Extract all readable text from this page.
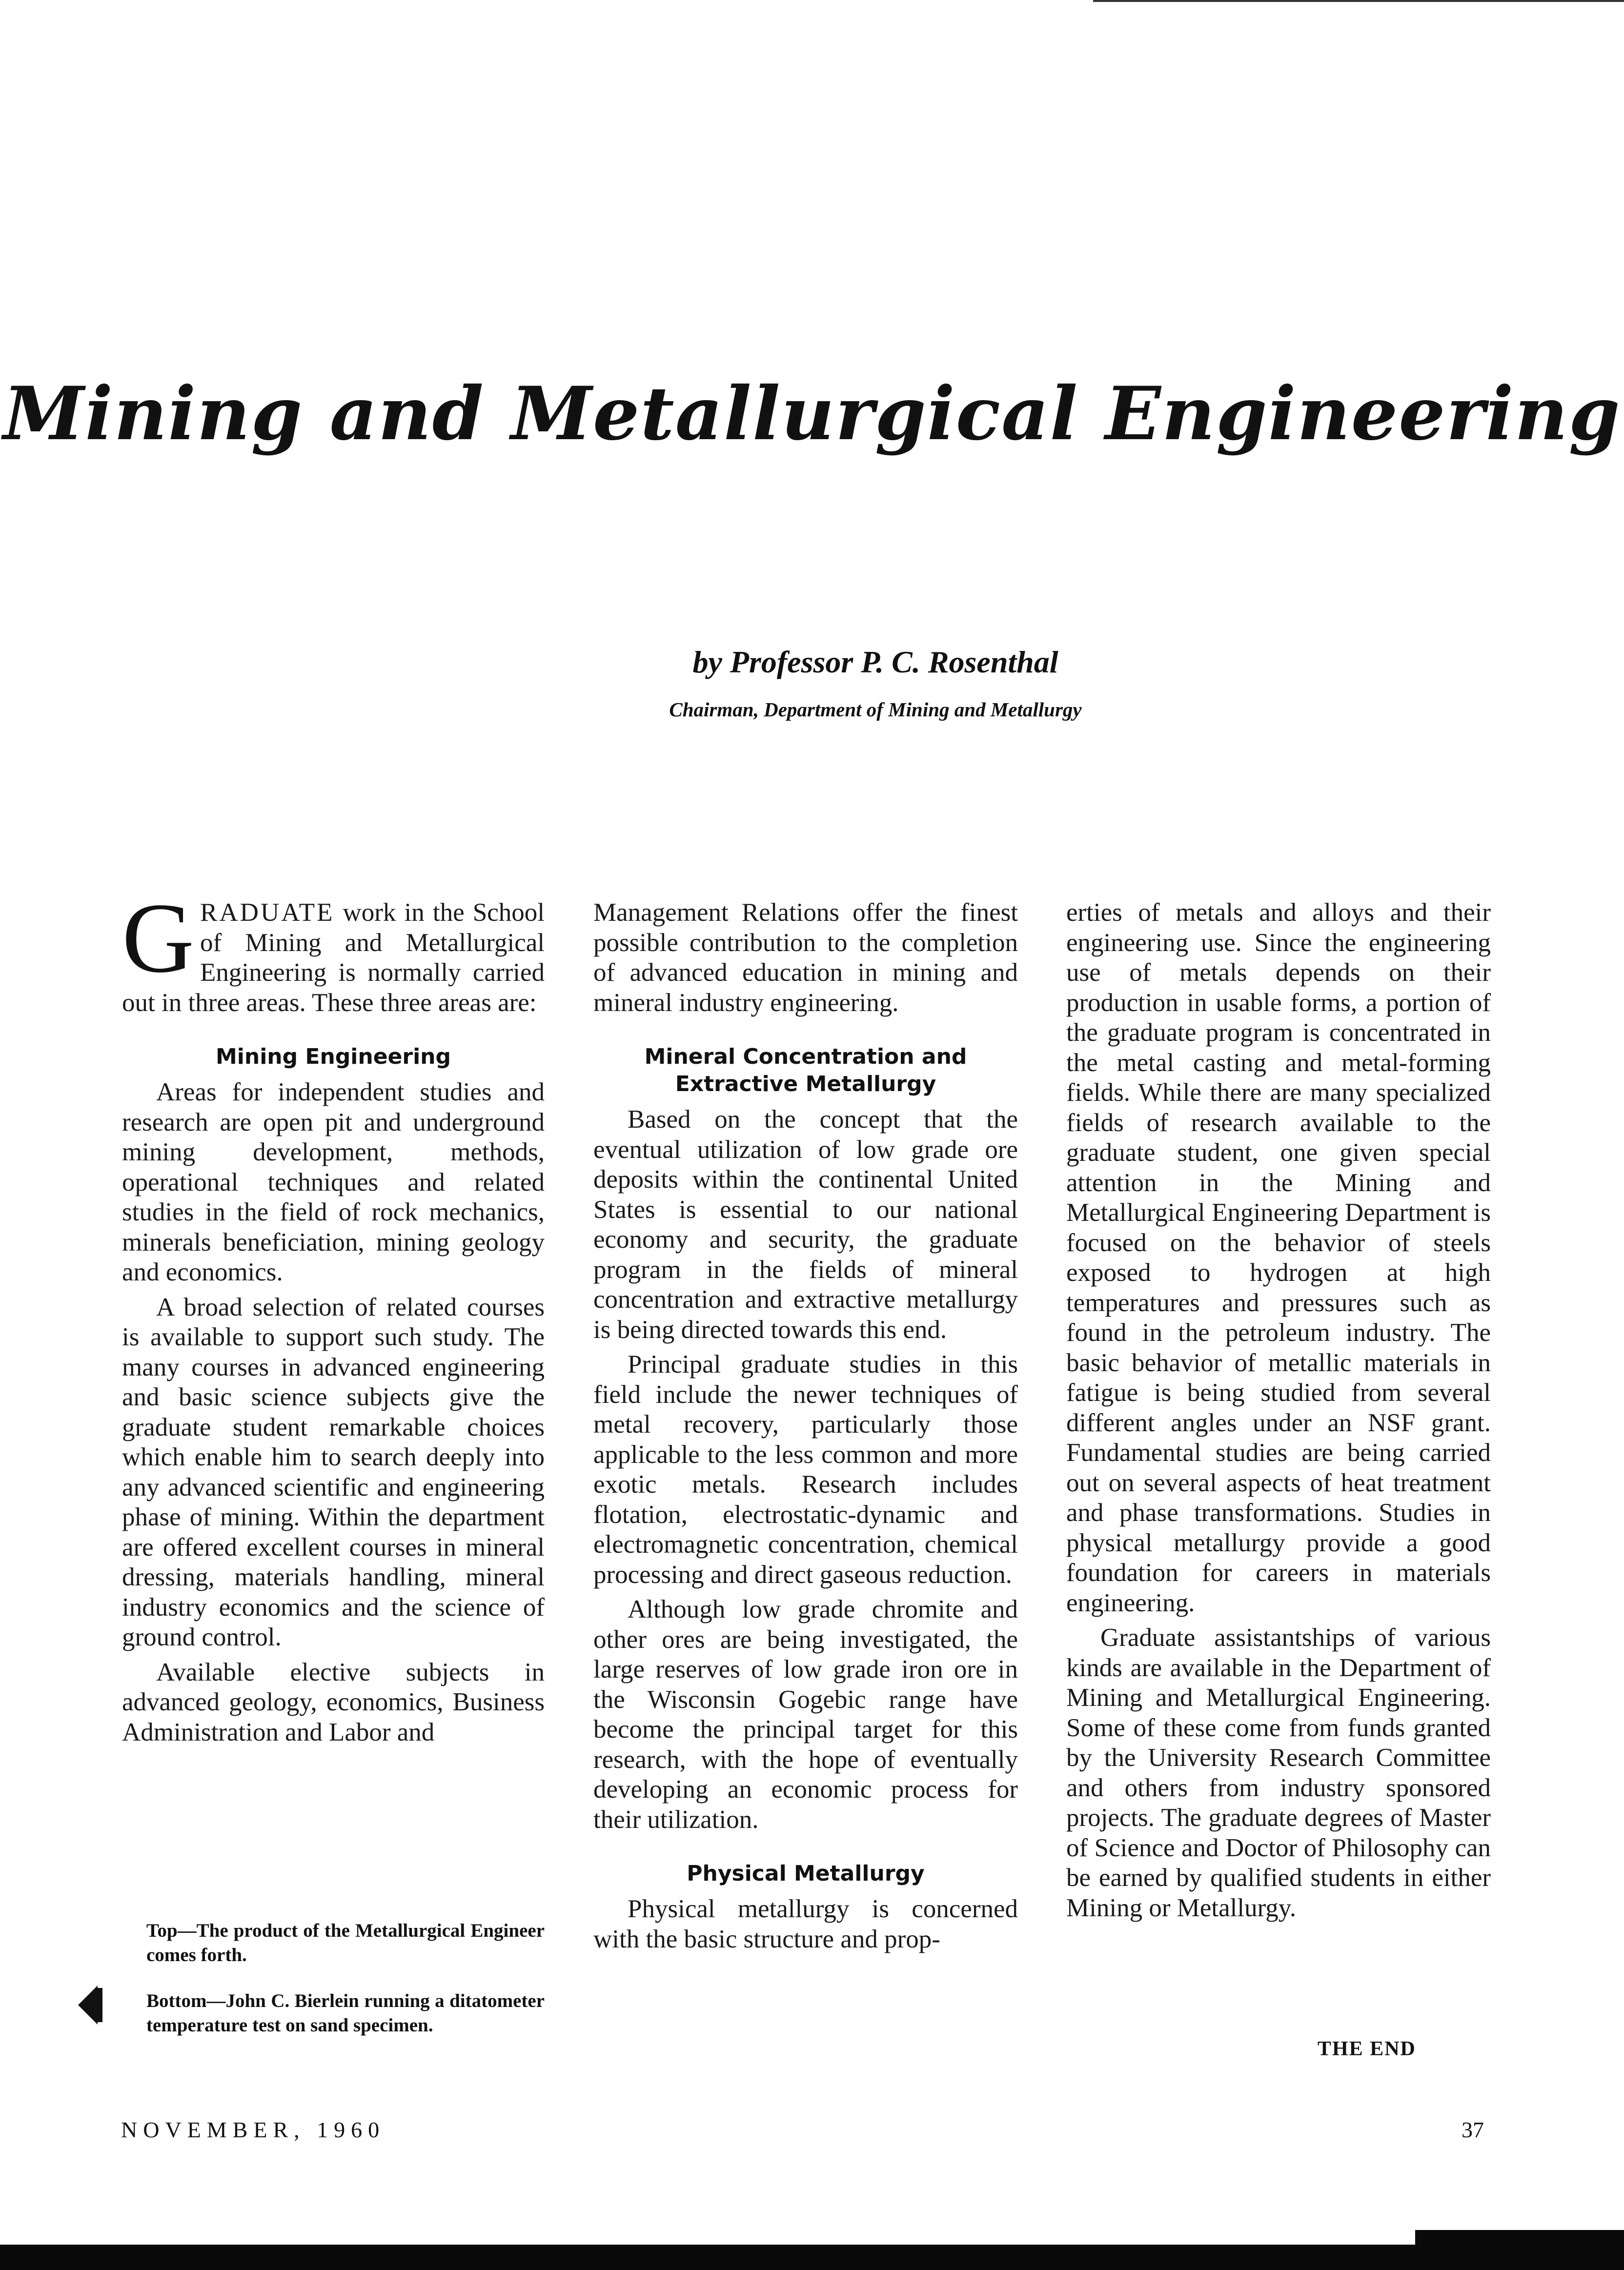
Mining and Metallurgical Engineering
by Professor P. C. Rosenthal
Chairman, Department of Mining and Metallurgy

GRADUATE work in the School of Mining and Metallurgical Engineering is normally carried out in three areas. These three areas are:

Mining Engineering

Areas for independent studies and research are open pit and underground mining development, methods, operational techniques and related studies in the field of rock mechanics, minerals beneficiation, mining geology and economics.

A broad selection of related courses is available to support such study. The many courses in advanced engineering and basic science subjects give the graduate student remarkable choices which enable him to search deeply into any advanced scientific and engineering phase of mining. Within the department are offered excellent courses in mineral dressing, materials handling, mineral industry economics and the science of ground control.

Available elective subjects in advanced geology, economics, Business Administration and Labor and

Top—The product of the Metallurgical Engineer comes forth.
Bottom—John C. Bierlein running a ditatometer temperature test on sand specimen.

Management Relations offer the finest possible contribution to the completion of advanced education in mining and mineral industry engineering.

Mineral Concentration and
Extractive Metallurgy

Based on the concept that the eventual utilization of low grade ore deposits within the continental United States is essential to our national economy and security, the graduate program in the fields of mineral concentration and extractive metallurgy is being directed towards this end.

Principal graduate studies in this field include the newer techniques of metal recovery, particularly those applicable to the less common and more exotic metals. Research includes flotation, electrostatic-dynamic and electromagnetic concentration, chemical processing and direct gaseous reduction.

Although low grade chromite and other ores are being investigated, the large reserves of low grade iron ore in the Wisconsin Gogebic range have become the principal target for this research, with the hope of eventually developing an economic process for their utilization.

Physical Metallurgy

Physical metallurgy is concerned with the basic structure and prop-

erties of metals and alloys and their engineering use. Since the engineering use of metals depends on their production in usable forms, a portion of the graduate program is concentrated in the metal casting and metal-forming fields. While there are many specialized fields of research available to the graduate student, one given special attention in the Mining and Metallurgical Engineering Department is focused on the behavior of steels exposed to hydrogen at high temperatures and pressures such as found in the petroleum industry. The basic behavior of metallic materials in fatigue is being studied from several different angles under an NSF grant. Fundamental studies are being carried out on several aspects of heat treatment and phase transformations. Studies in physical metallurgy provide a good foundation for careers in materials engineering.

Graduate assistantships of various kinds are available in the Department of Mining and Metallurgical Engineering. Some of these come from funds granted by the University Research Committee and others from industry sponsored projects. The graduate degrees of Master of Science and Doctor of Philosophy can be earned by qualified students in either Mining or Metallurgy.

THE END
NOVEMBER, 1960	37
